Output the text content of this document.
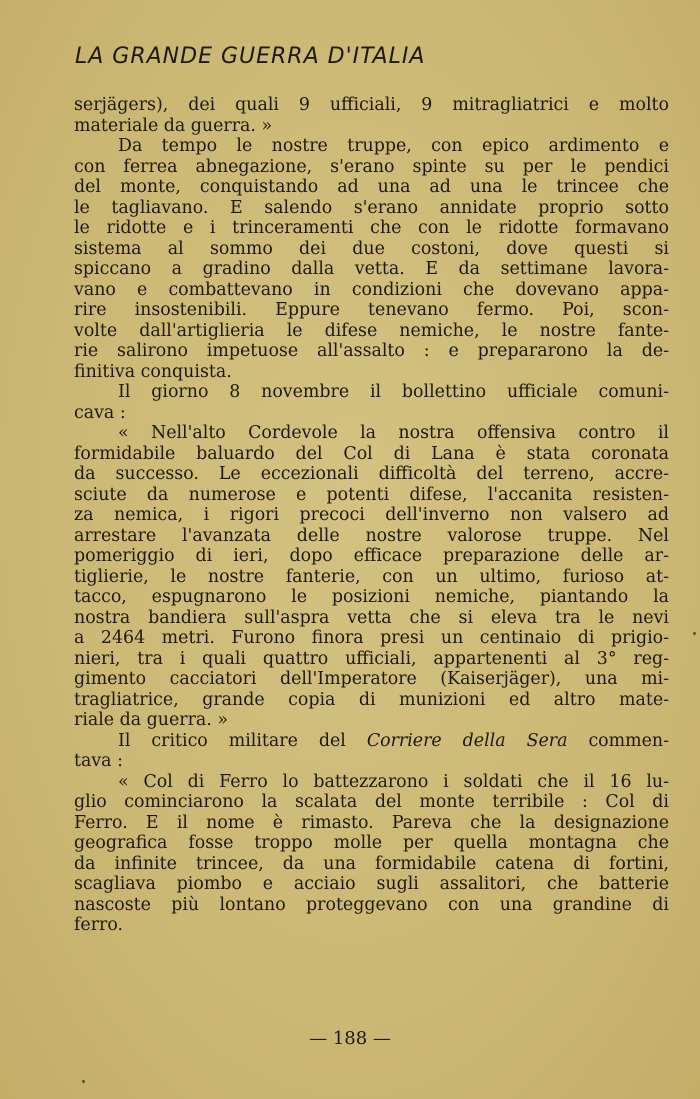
LA GRANDE GUERRA D'ITALIA
serjägers), dei quali 9 ufficiali, 9 mitragliatrici e molto
materiale da guerra. »
Da tempo le nostre truppe, con epico ardimento e
con ferrea abnegazione, s'erano spinte su per le pendici
del monte, conquistando ad una ad una le trincee che
le tagliavano. E salendo s'erano annidate proprio sotto
le ridotte e i trinceramenti che con le ridotte formavano
sistema al sommo dei due costoni, dove questi si
spiccano a gradino dalla vetta. E da settimane lavora-
vano e combattevano in condizioni che dovevano appa-
rire insostenibili. Eppure tenevano fermo. Poi, scon-
volte dall'artiglieria le difese nemiche, le nostre fante-
rie salirono impetuose all'assalto : e prepararono la de-
finitiva conquista.
Il giorno 8 novembre il bollettino ufficiale comuni-
cava :
« Nell'alto Cordevole la nostra offensiva contro il
formidabile baluardo del Col di Lana è stata coronata
da successo. Le eccezionali difficoltà del terreno, accre-
sciute da numerose e potenti difese, l'accanita resisten-
za nemica, i rigori precoci dell'inverno non valsero ad
arrestare l'avanzata delle nostre valorose truppe. Nel
pomeriggio di ieri, dopo efficace preparazione delle ar-
tiglierie, le nostre fanterie, con un ultimo, furioso at-
tacco, espugnarono le posizioni nemiche, piantando la
nostra bandiera sull'aspra vetta che si eleva tra le nevi
a 2464 metri. Furono finora presi un centinaio di prigio-
nieri, tra i quali quattro ufficiali, appartenenti al 3° reg-
gimento cacciatori dell'Imperatore (Kaiserjäger), una mi-
tragliatrice, grande copia di munizioni ed altro mate-
riale da guerra. »
Il critico militare del Corriere della Sera commen-
tava :
« Col di Ferro lo battezzarono i soldati che il 16 lu-
glio cominciarono la scalata del monte terribile : Col di
Ferro. E il nome è rimasto. Pareva che la designazione
geografica fosse troppo molle per quella montagna che
da infinite trincee, da una formidabile catena di fortini,
scagliava piombo e acciaio sugli assalitori, che batterie
nascoste più lontano proteggevano con una grandine di
ferro.
— 188 —
